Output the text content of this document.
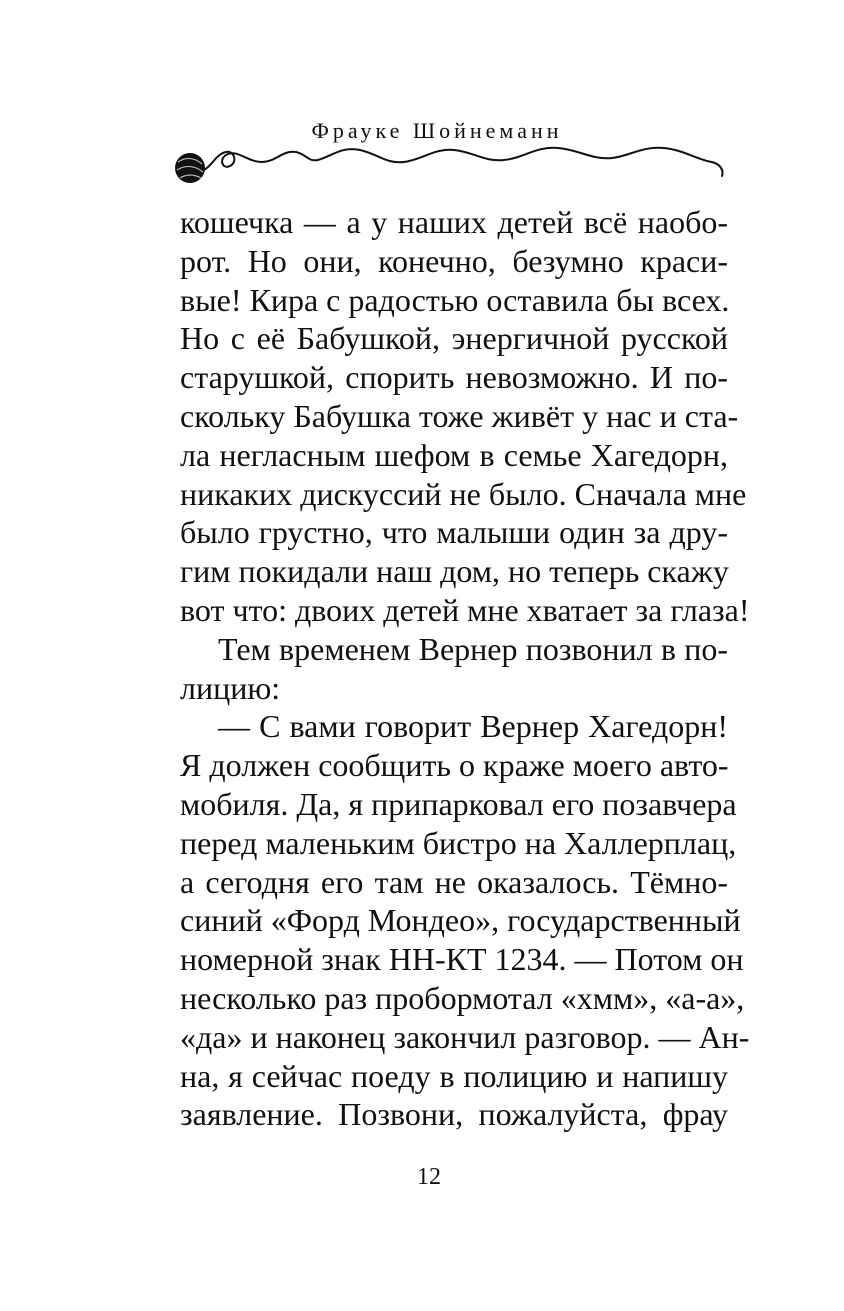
Фрауке Шойнеманн
кошечка — а у наших детей всё наобо-
рот. Но они, конечно, безумно краси-
вые! Кира с радостью оставила бы всех.
Но с её Бабушкой, энергичной русской
старушкой, спорить невозможно. И по-
скольку Бабушка тоже живёт у нас и ста-
ла негласным шефом в семье Хагедорн,
никаких дискуссий не было. Сначала мне
было грустно, что малыши один за дру-
гим покидали наш дом, но теперь скажу
вот что: двоих детей мне хватает за глаза!
Тем временем Вернер позвонил в по-
лицию:
— С вами говорит Вернер Хагедорн!
Я должен сообщить о краже моего авто-
мобиля. Да, я припарковал его позавчера
перед маленьким бистро на Халлерплац,
а сегодня его там не оказалось. Тёмно-
синий «Форд Мондео», государственный
номерной знак НН-КТ 1234. — Потом он
несколько раз пробормотал «хмм», «а-а»,
«да» и наконец закончил разговор. — Ан-
на, я сейчас поеду в полицию и напишу
заявление. Позвони, пожалуйста, фрау
12
